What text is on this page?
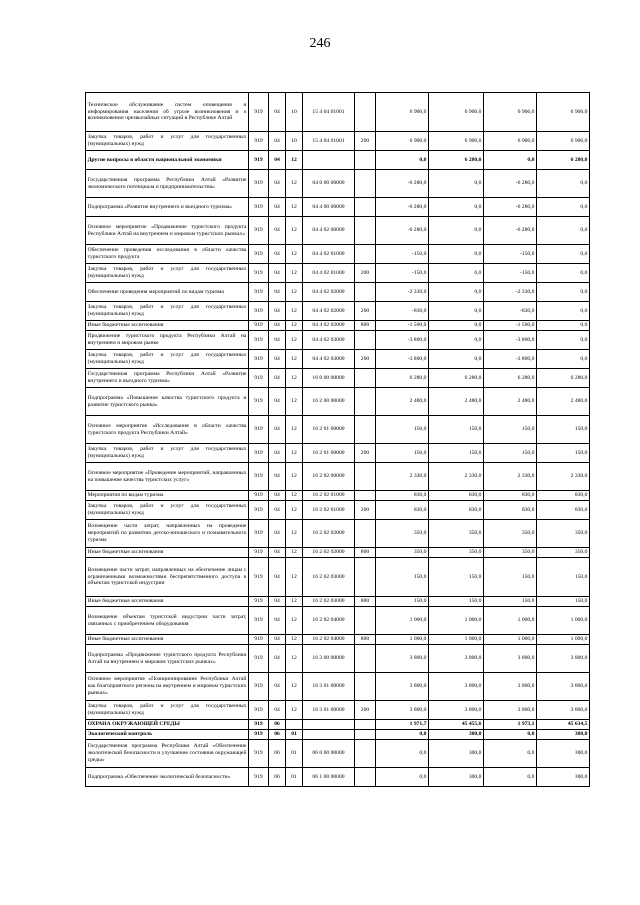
246
Техническое обслуживание систем оповещения и информирования населения об угрозе возникновения и о возникновении чрезвычайных ситуаций в Республике Алтай	919	04	10	15 4 04 01001		6 906,0	6 906,0	6 906,0	6 906,0
Закупка товаров, работ и услуг для государственных (муниципальных) нужд	919	04	10	15 4 04 01001	200	6 906,0	6 906,0	6 906,0	6 906,0
Другие вопросы в области национальной экономики	919	04	12			0,0	6 280,0	0,0	6 280,0
Государственная программа Республики Алтай «Развитие экономического потенциала и предпринимательства»	919	04	12	04 0 00 00000		-6 280,0	0,0	-6 280,0	0,0
Подпрограмма «Развитие внутреннего и въездного туризма»	919	04	12	04 4 00 00000		-6 280,0	0,0	-6 280,0	0,0
Основное мероприятие «Продвижение туристского продукта Республики Алтай на внутреннем и мировом туристских рынках»	919	04	12	04 4 02 00000		-6 280,0	0,0	-6 280,0	0,0
Обеспечение проведения исследования в области качества туристского продукта	919	04	12	04 4 02 01000		-150,0	0,0	-150,0	0,0
Закупка товаров, работ и услуг для государственных (муниципальных) нужд	919	04	12	04 4 02 01000	200	-150,0	0,0	-150,0	0,0
Обеспечение проведения мероприятий по видам туризма	919	04	12	04 4 02 02000		-2 330,0	0,0	-2 330,0	0,0
Закупка товаров, работ и услуг для государственных (муниципальных) нужд	919	04	12	04 4 02 02000	200	-830,0	0,0	-830,0	0,0
Иные бюджетные ассигнования	919	04	12	04 4 02 02000	800	-1 500,0	0,0	-1 500,0	0,0
Продвижение туристского продукта Республики Алтай на внутреннем и мировом рынке	919	04	12	04 4 02 03000		-3 800,0	0,0	-3 800,0	0,0
Закупка товаров, работ и услуг для государственных (муниципальных) нужд	919	04	12	04 4 02 03000	200	-3 800,0	0,0	-3 800,0	0,0
Государственная программа Республики Алтай «Развитие внутреннего и въездного туризма»	919	04	12	16 0 00 00000		6 280,0	6 280,0	6 280,0	6 280,0
Подпрограмма «Повышение качества туристского продукта и развитие туристского рынка»	919	04	12	16 2 00 00000		2 480,0	2 480,0	2 480,0	2 480,0
Основное мероприятие «Исследования в области качества туристского продукта Республики Алтай»	919	04	12	16 2 01 00000		150,0	150,0	150,0	150,0
Закупка товаров, работ и услуг для государственных (муниципальных) нужд	919	04	12	16 2 01 00000	200	150,0	150,0	150,0	150,0
Основное мероприятие «Проведение мероприятий, направленных на повышение качества туристских услуг»	919	04	12	16 2 02 00000		2 330,0	2 330,0	2 330,0	2 330,0
Мероприятия по видам туризма	919	04	12	16 2 02 01000		830,0	830,0	830,0	830,0
Закупка товаров, работ и услуг для государственных (муниципальных) нужд	919	04	12	16 2 02 01000	200	830,0	830,0	830,0	830,0
Возмещение части затрат, направленных на проведение мероприятий по развитию детско-юношеского и познавательного туризма	919	04	12	16 2 02 02000		350,0	350,0	350,0	350,0
Иные бюджетные ассигнования	919	04	12	16 2 02 02000	800	350,0	350,0	350,0	350,0
Возмещение части затрат, направленных на обеспечение лицам с ограниченными возможностями беспрепятственного доступа к объектам туристской индустрии	919	04	12	16 2 02 03000		150,0	150,0	150,0	150,0
Иные бюджетные ассигнования	919	04	12	16 2 02 03000	800	150,0	150,0	150,0	150,0
Возмещение объектам туристской индустрии части затрат, связанных с приобретением оборудования	919	04	12	16 2 02 04000		1 000,0	1 000,0	1 000,0	1 000,0
Иные бюджетные ассигнования	919	04	12	16 2 02 04000	800	1 000,0	1 000,0	1 000,0	1 000,0
Подпрограмма «Продвижение туристского продукта Республики Алтай на внутреннем и мировом туристских рынках»	919	04	12	16 3 00 00000		3 800,0	3 800,0	3 800,0	3 800,0
Основное мероприятие «Позиционирование Республики Алтай как благоприятного региона на внутреннем и мировом туристских рынках»	919	04	12	16 3 01 00000		3 800,0	3 800,0	3 800,0	3 800,0
Закупка товаров, работ и услуг для государственных (муниципальных) нужд	919	04	12	16 3 01 00000	200	3 800,0	3 800,0	3 800,0	3 800,0
ОХРАНА ОКРУЖАЮЩЕЙ СРЕДЫ	919	06				1 971,7	45 455,6	1 973,1	45 634,5
Экологический контроль	919	06	01			0,0	300,0	0,0	300,0
Государственная программа Республики Алтай «Обеспечение экологической безопасности и улучшение состояния окружающей среды»	919	06	01	06 0 00 00000		0,0	300,0	0,0	300,0
Подпрограмма «Обеспечение экологической безопасности»	919	06	01	06 1 00 00000		0,0	300,0	0,0	300,0
